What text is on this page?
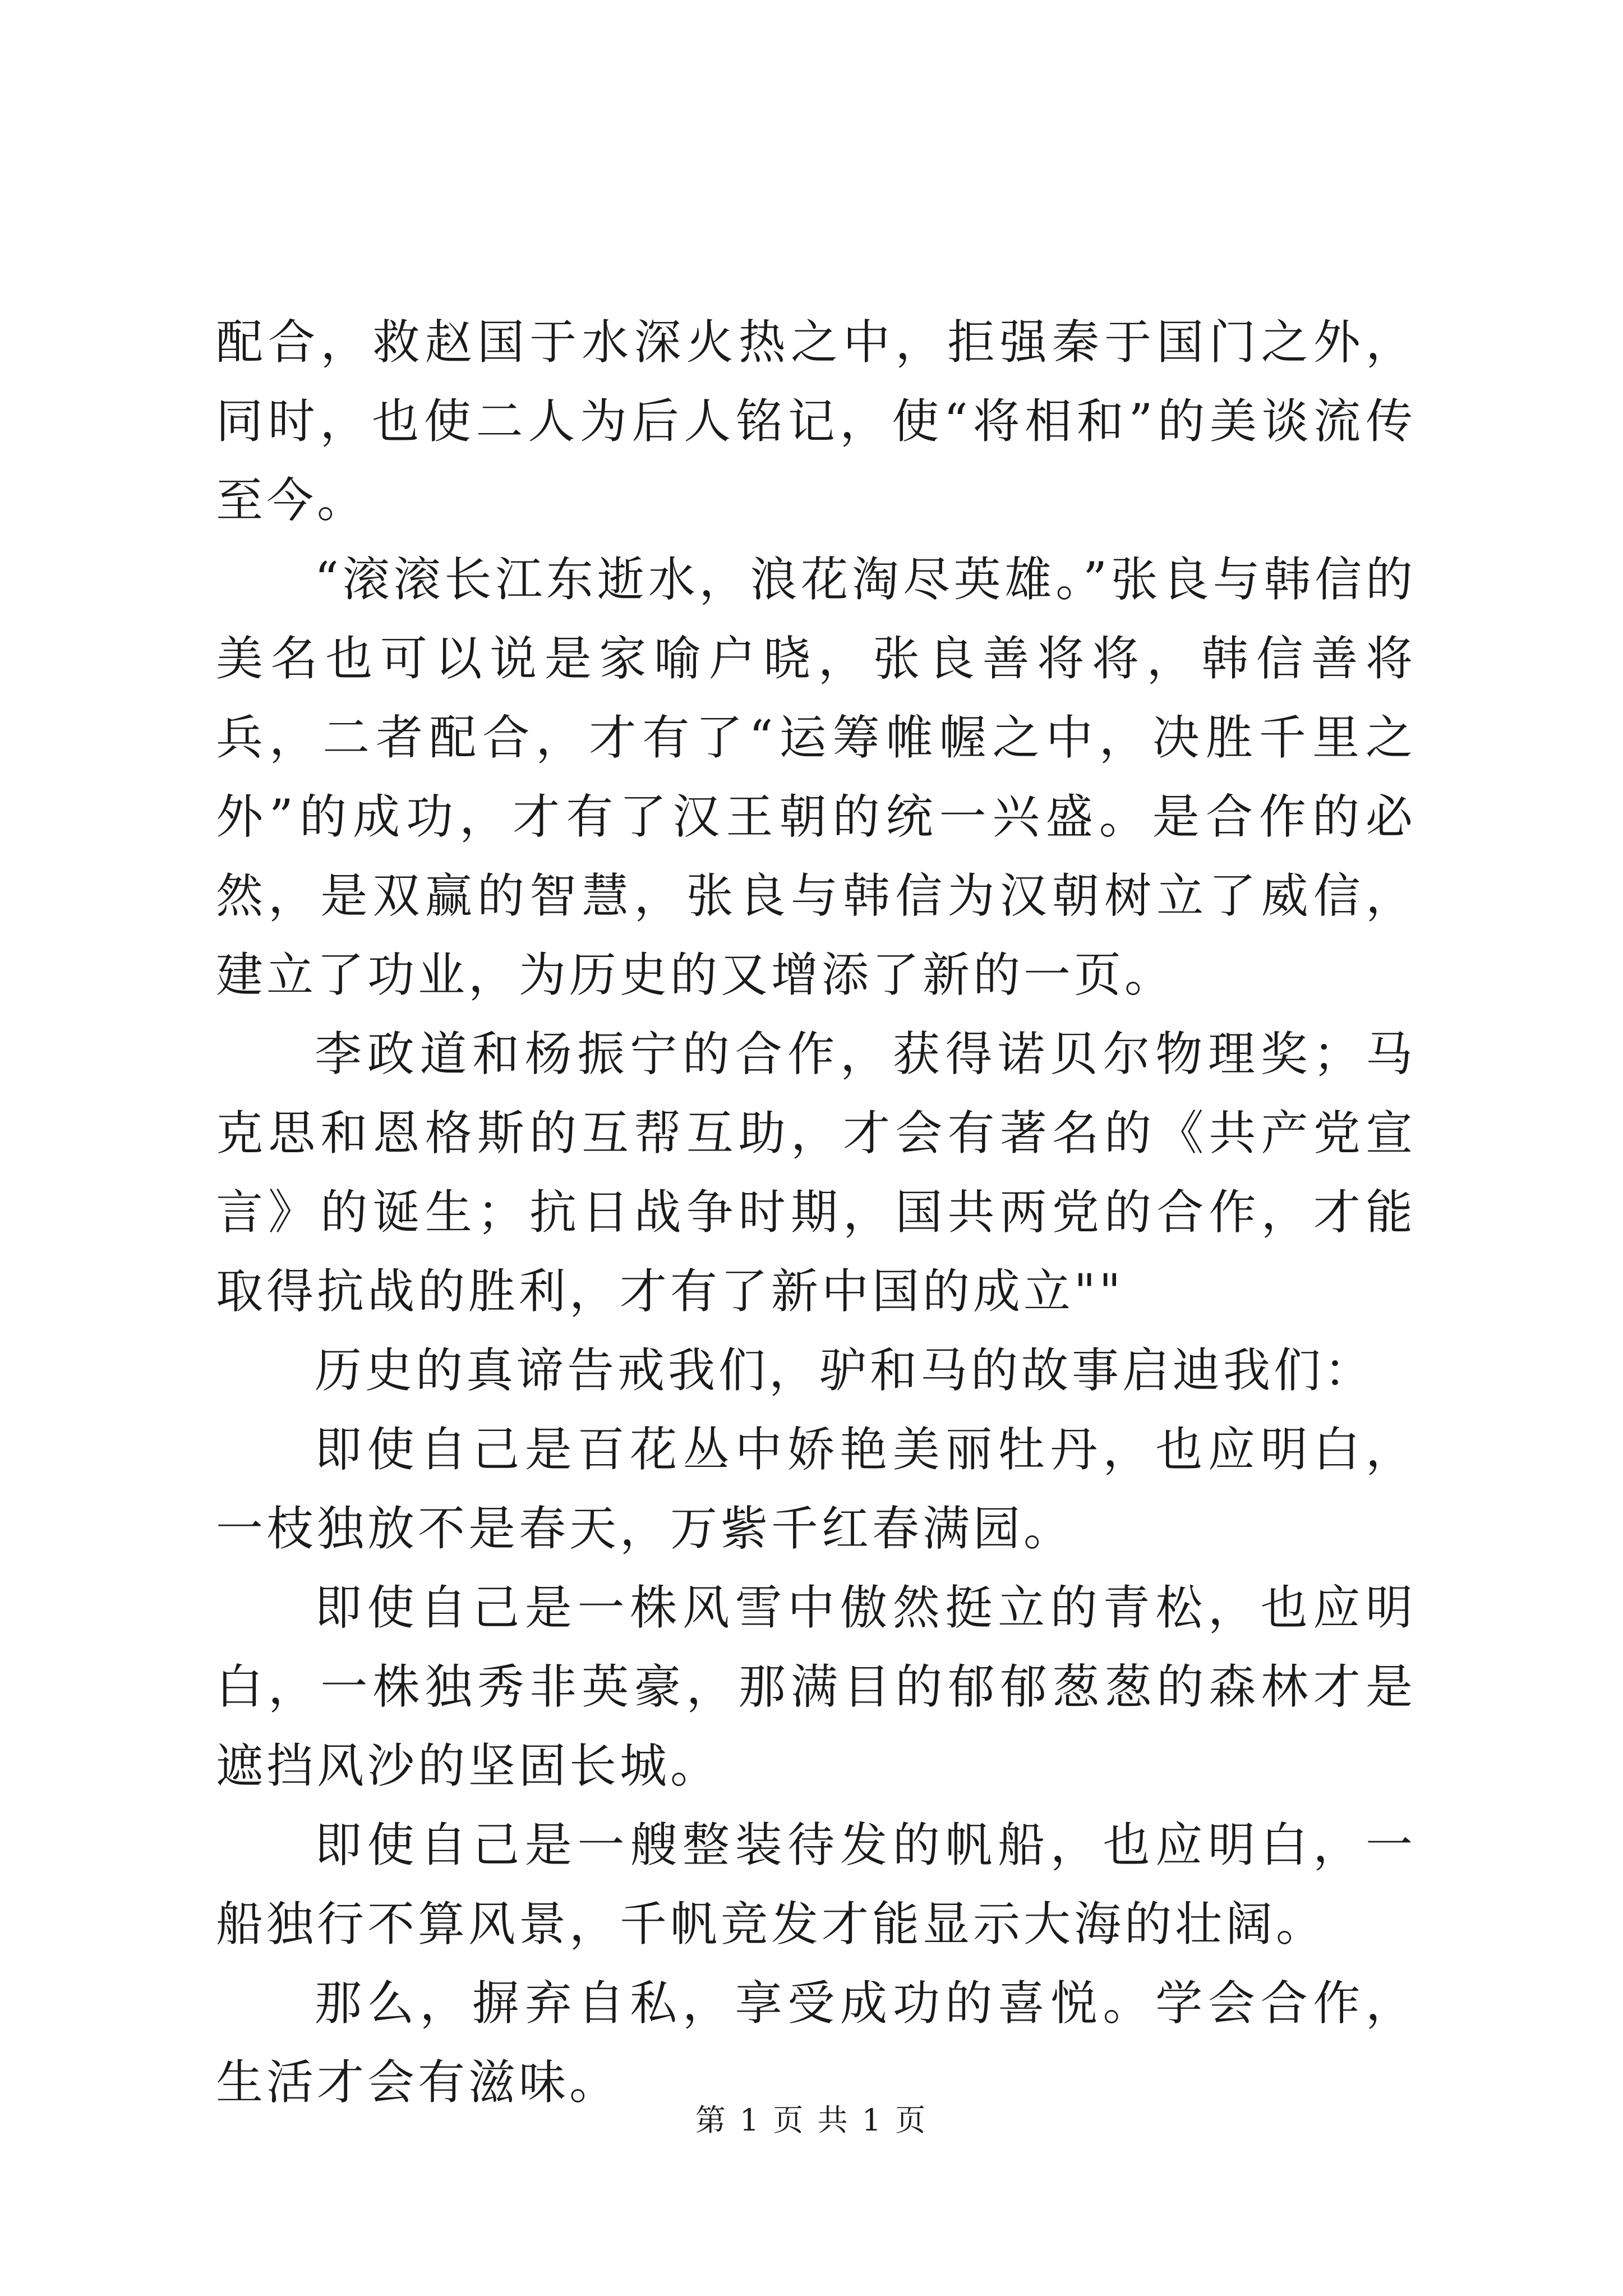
配合，救赵国于水深火热之中，拒强秦于国门之外，同时，也使二人为后人铭记，使“将相和”的美谈流传至今。

“滚滚长江东逝水，浪花淘尽英雄。”张良与韩信的美名也可以说是家喻户晓，张良善将将，韩信善将兵，二者配合，才有了“运筹帷幄之中，决胜千里之外”的成功，才有了汉王朝的统一兴盛。是合作的必然，是双赢的智慧，张良与韩信为汉朝树立了威信，建立了功业，为历史的又增添了新的一页。

李政道和杨振宁的合作，获得诺贝尔物理奖；马克思和恩格斯的互帮互助，才会有著名的《共产党宣言》的诞生；抗日战争时期，国共两党的合作，才能取得抗战的胜利，才有了新中国的成立""

历史的真谛告戒我们，驴和马的故事启迪我们：

即使自己是百花丛中娇艳美丽牡丹，也应明白，一枝独放不是春天，万紫千红春满园。

即使自己是一株风雪中傲然挺立的青松，也应明白，一株独秀非英豪，那满目的郁郁葱葱的森林才是遮挡风沙的坚固长城。

即使自己是一艘整装待发的帆船，也应明白，一船独行不算风景，千帆竞发才能显示大海的壮阔。

那么，摒弃自私，享受成功的喜悦。学会合作，生活才会有滋味。

第 1 页 共 1 页
